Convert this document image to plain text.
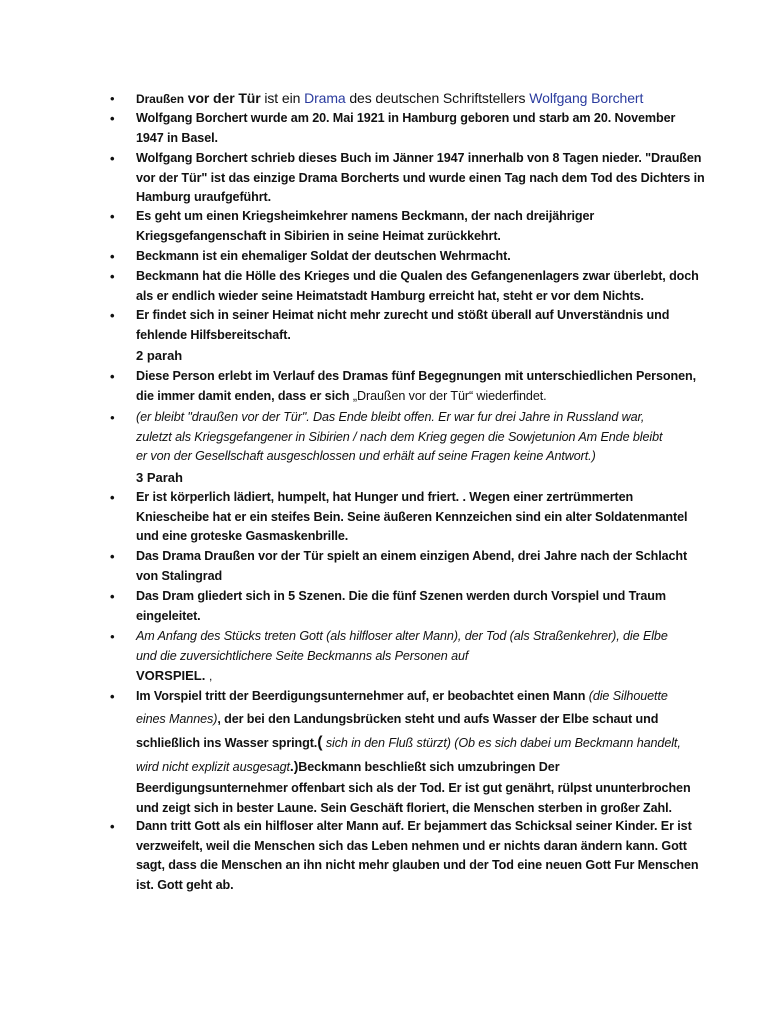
•	Draußen vor der Tür ist ein Drama des deutschen Schriftstellers Wolfgang Borchert
•	Wolfgang Borchert wurde am 20. Mai 1921 in Hamburg geboren und starb am 20. November
1947 in Basel.
•	Wolfgang Borchert schrieb dieses Buch im Jänner 1947 innerhalb von 8 Tagen nieder. "Draußen
vor der Tür" ist das einzige Drama Borcherts und wurde einen Tag nach dem Tod des Dichters in
Hamburg uraufgeführt.
•	Es geht um einen Kriegsheimkehrer namens Beckmann, der nach dreijähriger
Kriegsgefangenschaft in Sibirien in seine Heimat zurückkehrt.
•	Beckmann ist ein ehemaliger Soldat der deutschen Wehrmacht.
•	Beckmann hat die Hölle des Krieges und die Qualen des Gefangenenlagers zwar überlebt, doch
als er endlich wieder seine Heimatstadt Hamburg erreicht hat, steht er vor dem Nichts.
•	Er findet sich in seiner Heimat nicht mehr zurecht und stößt überall auf Unverständnis und
fehlende Hilfsbereitschaft.
2 parah
•	Diese Person erlebt im Verlauf des Dramas fünf Begegnungen mit unterschiedlichen Personen,
die immer damit enden, dass er sich „Draußen vor der Tür“ wiederfindet.
•	(er bleibt "draußen vor der Tür". Das Ende bleibt offen. Er war fur drei Jahre in Russland war,
zuletzt als Kriegsgefangener in Sibirien / nach dem Krieg gegen die Sowjetunion Am Ende bleibt
er von der Gesellschaft ausgeschlossen und erhält auf seine Fragen keine Antwort.)
3 Parah
•	Er ist körperlich lädiert, humpelt, hat Hunger und friert. . Wegen einer zertrümmerten
Kniescheibe hat er ein steifes Bein. Seine äußeren Kennzeichen sind ein alter Soldatenmantel
und eine groteske Gasmaskenbrille.
•	Das Drama Draußen vor der Tür spielt an einem einzigen Abend, drei Jahre nach der Schlacht
von Stalingrad
•	Das Dram gliedert sich in 5 Szenen. Die die fünf Szenen werden durch Vorspiel und Traum
eingeleitet.
•	Am Anfang des Stücks treten Gott (als hilfloser alter Mann), der Tod (als Straßenkehrer), die Elbe
und die zuversichtlichere Seite Beckmanns als Personen auf
VORSPIEL. ,
•	Im Vorspiel tritt der Beerdigungsunternehmer auf, er beobachtet einen Mann (die Silhouette
eines Mannes), der bei den Landungsbrücken steht und aufs Wasser der Elbe schaut und
schließlich ins Wasser springt.( sich in den Fluß stürzt) (Ob es sich dabei um Beckmann handelt,
wird nicht explizit ausgesagt.)Beckmann beschließt sich umzubringen Der
Beerdigungsunternehmer offenbart sich als der Tod. Er ist gut genährt, rülpst ununterbrochen
und zeigt sich in bester Laune. Sein Geschäft floriert, die Menschen sterben in großer Zahl.
•	Dann tritt Gott als ein hilfloser alter Mann auf. Er bejammert das Schicksal seiner Kinder. Er ist
verzweifelt, weil die Menschen sich das Leben nehmen und er nichts daran ändern kann. Gott
sagt, dass die Menschen an ihn nicht mehr glauben und der Tod eine neuen Gott Fur Menschen
ist. Gott geht ab.
